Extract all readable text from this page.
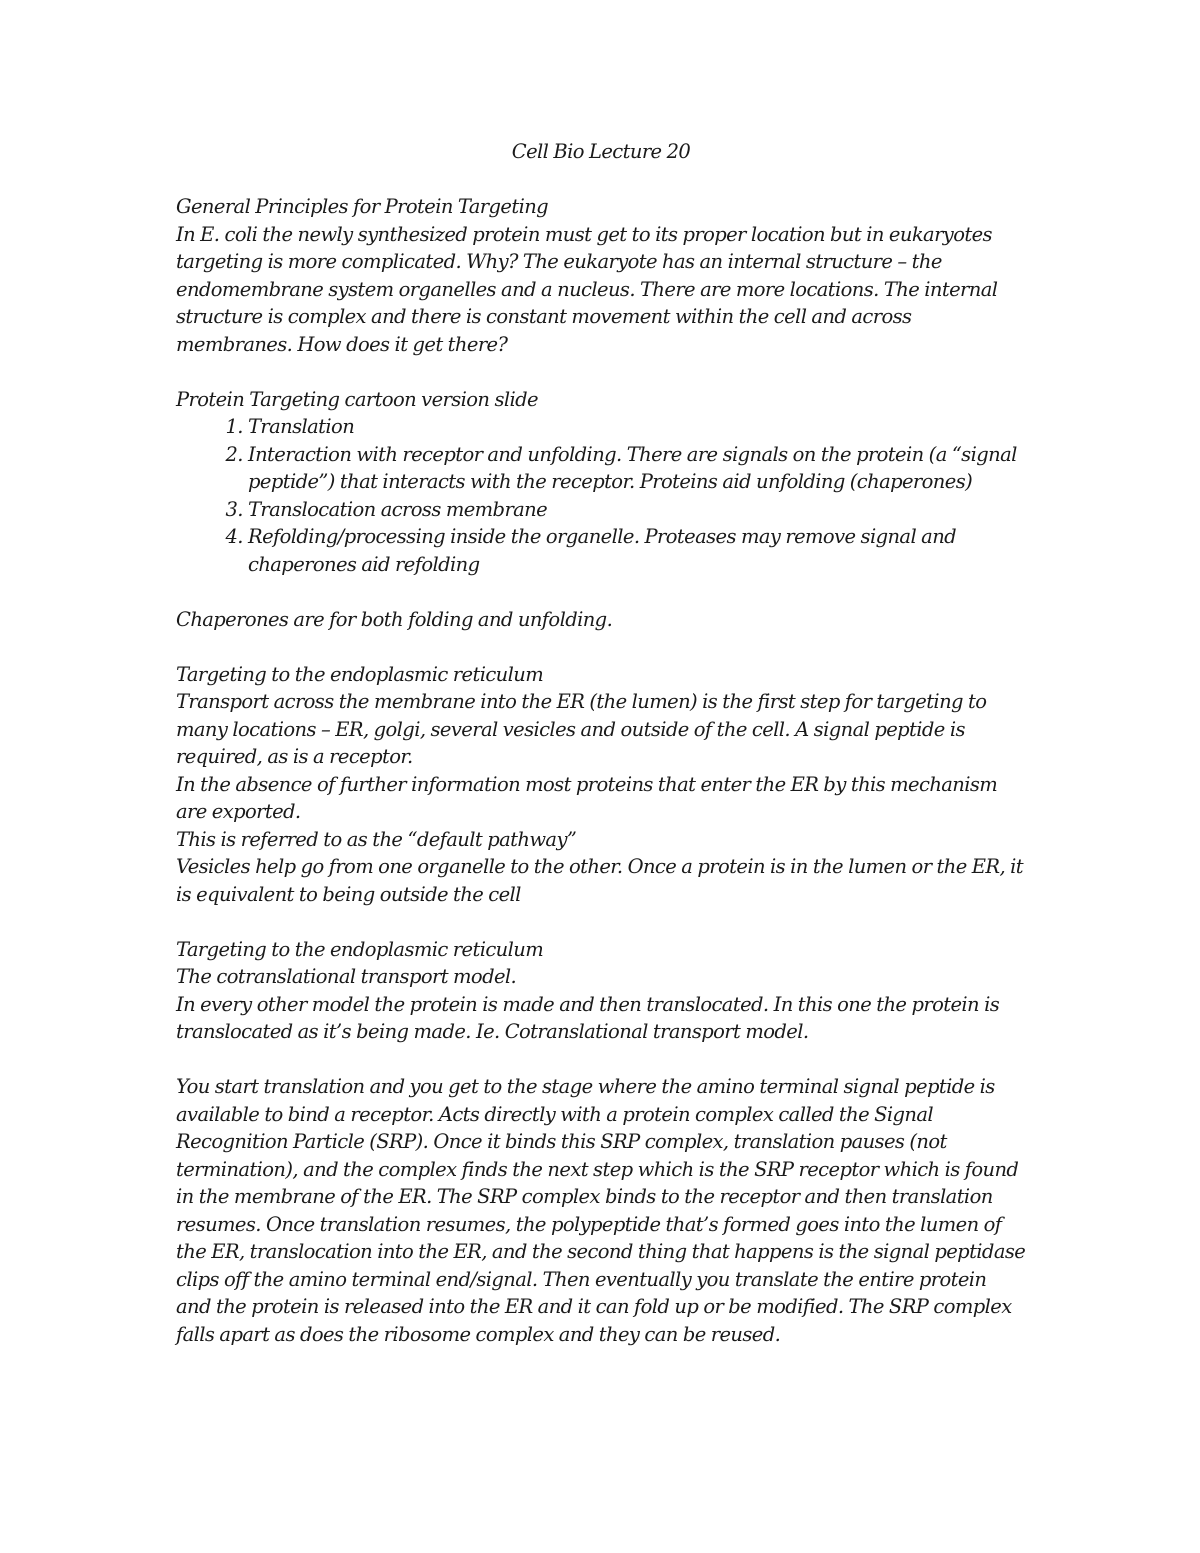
Cell Bio Lecture 20

General Principles for Protein Targeting

In E. coli the newly synthesized protein must get to its proper location but in eukaryotes targeting is more complicated. Why? The eukaryote has an internal structure – the endomembrane system organelles and a nucleus. There are more locations. The internal structure is complex and there is constant movement within the cell and across membranes. How does it get there?

Protein Targeting cartoon version slide

1. Translation
2. Interaction with receptor and unfolding. There are signals on the protein (a “signal peptide”) that interacts with the receptor. Proteins aid unfolding (chaperones)
3. Translocation across membrane
4. Refolding/processing inside the organelle. Proteases may remove signal and chaperones aid refolding

Chaperones are for both folding and unfolding.

Targeting to the endoplasmic reticulum

Transport across the membrane into the ER (the lumen) is the first step for targeting to many locations – ER, golgi, several vesicles and outside of the cell. A signal peptide is required, as is a receptor.

In the absence of further information most proteins that enter the ER by this mechanism are exported.

This is referred to as the “default pathway”

Vesicles help go from one organelle to the other. Once a protein is in the lumen or the ER, it is equivalent to being outside the cell

Targeting to the endoplasmic reticulum

The cotranslational transport model.

In every other model the protein is made and then translocated. In this one the protein is translocated as it’s being made. Ie. Cotranslational transport model.

You start translation and you get to the stage where the amino terminal signal peptide is available to bind a receptor. Acts directly with a protein complex called the Signal Recognition Particle (SRP). Once it binds this SRP complex, translation pauses (not termination), and the complex finds the next step which is the SRP receptor which is found in the membrane of the ER. The SRP complex binds to the receptor and then translation resumes. Once translation resumes, the polypeptide that’s formed goes into the lumen of the ER, translocation into the ER, and the second thing that happens is the signal peptidase clips off the amino terminal end/signal. Then eventually you translate the entire protein and the protein is released into the ER and it can fold up or be modified. The SRP complex falls apart as does the ribosome complex and they can be reused.
